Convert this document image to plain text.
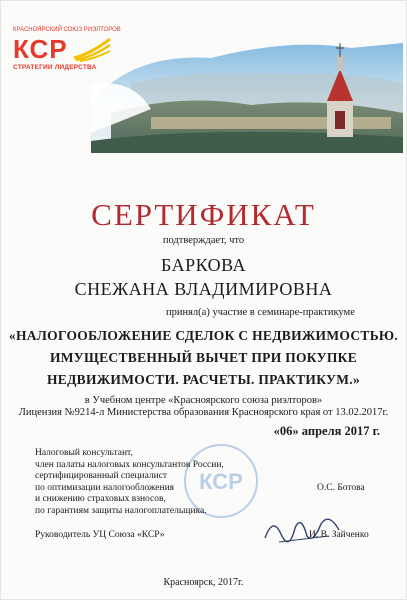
КРАСНОЯРСКИЙ СОЮЗ РИЭЛТОРОВ
КСР
СТРАТЕГИИ ЛИДЕРСТВА
СЕРТИФИКАТ
подтверждает, что
БАРКОВА
СНЕЖАНА ВЛАДИМИРОВНА
принял(а) участие в семинаре-практикуме
«НАЛОГООБЛОЖЕНИЕ СДЕЛОК С НЕДВИЖИМОСТЬЮ.
ИМУЩЕСТВЕННЫЙ ВЫЧЕТ ПРИ ПОКУПКЕ
НЕДВИЖИМОСТИ. РАСЧЕТЫ. ПРАКТИКУМ.»
в Учебном центре «Красноярского союза риэлторов»
Лицензия №9214-л Министерства образования Красноярского края от 13.02.2017г.
«06» апреля 2017 г.
КСР
Налоговый консультант,
член палаты налоговых консультантов России,
сертифицированный специалист
по оптимизации налогообложения
и снижению страховых взносов,
по гарантиям защиты налогоплательщика.
О.С. Ботова
Руководитель УЦ Союза «КСР»	И. В. Зайченко
Красноярск, 2017г.
